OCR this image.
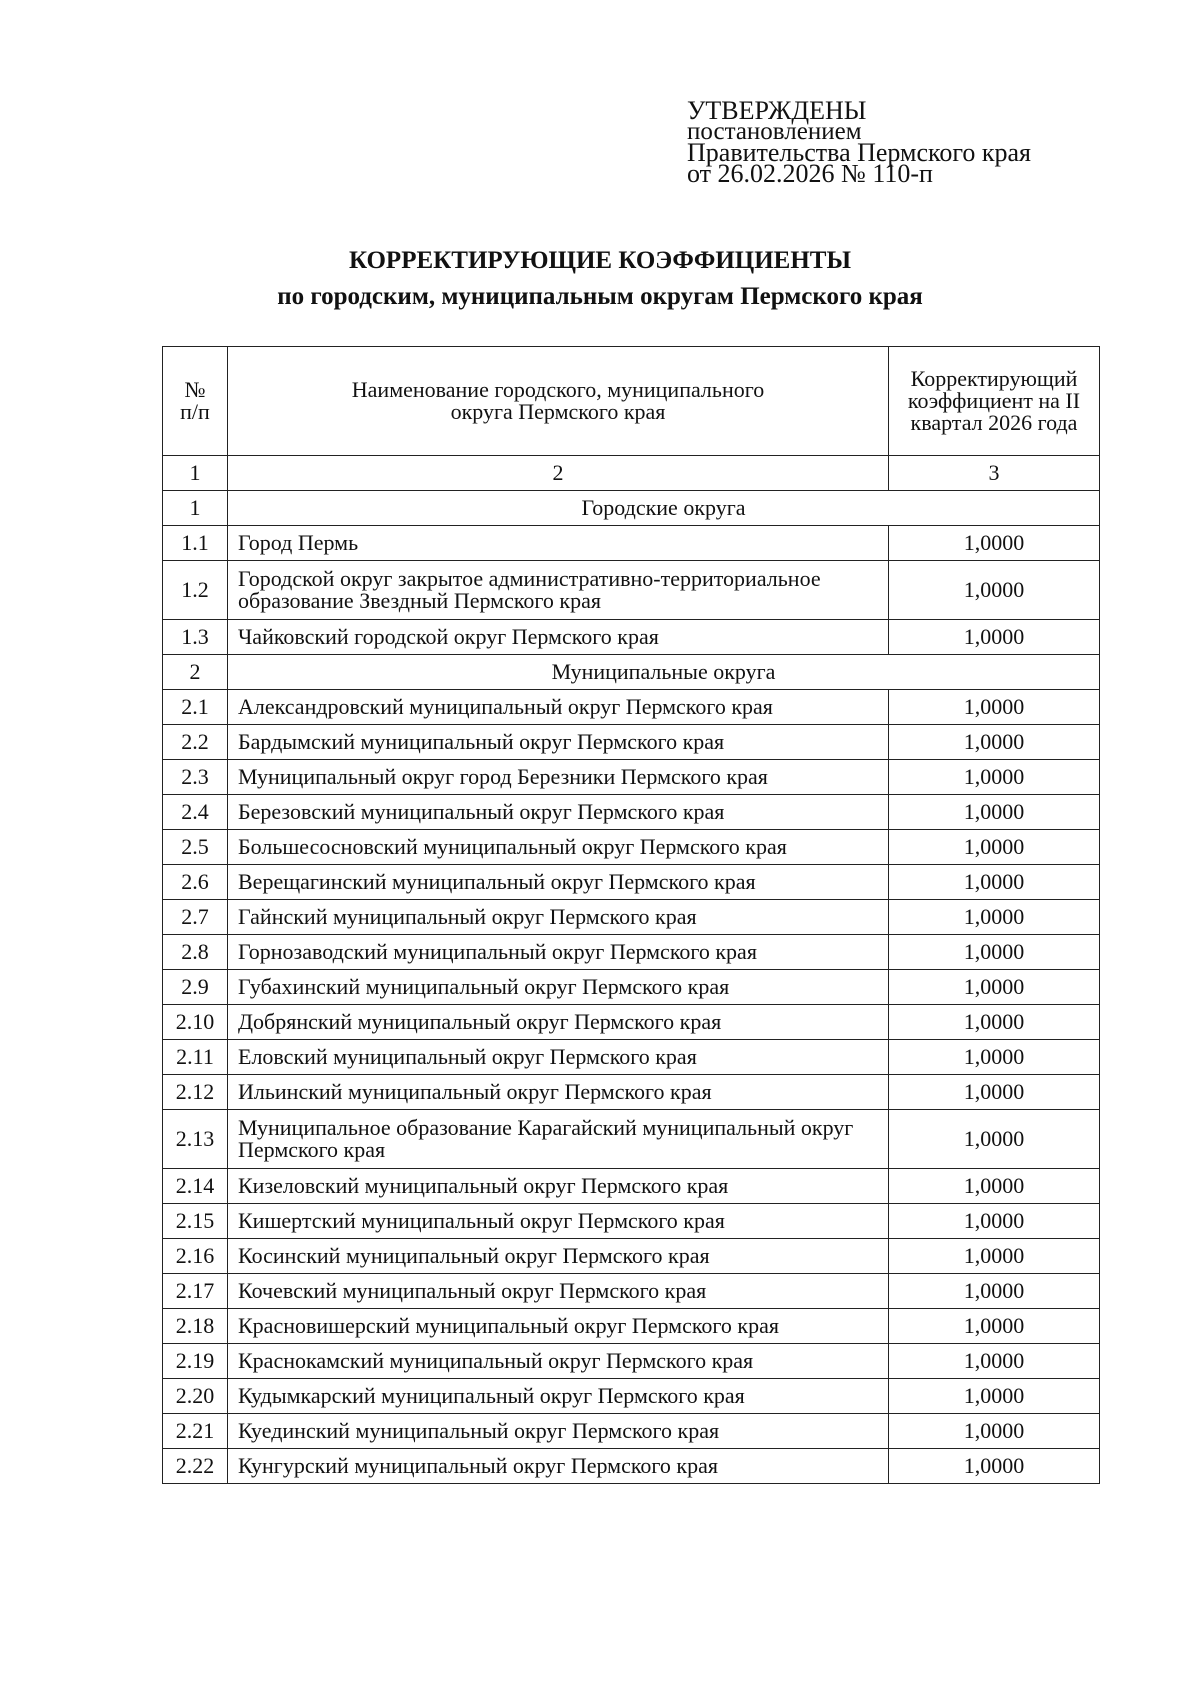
УТВЕРЖДЕНЫ
постановлением
Правительства Пермского края
от 26.02.2026 № 110-п
КОРРЕКТИРУЮЩИЕ КОЭФФИЦИЕНТЫ
по городским, муниципальным округам Пермского края
№ п/п	Наименование городского, муниципального округа Пермского края	Корректирующий коэффициент на II квартал 2026 года
1	2	3
1	Городские округа	
1.1	Город Пермь	1,0000
1.2	Городской округ закрытое административно-территориальное образование Звездный Пермского края	1,0000
1.3	Чайковский городской округ Пермского края	1,0000
2	Муниципальные округа	
2.1	Александровский муниципальный округ Пермского края	1,0000
2.2	Бардымский муниципальный округ Пермского края	1,0000
2.3	Муниципальный округ город Березники Пермского края	1,0000
2.4	Березовский муниципальный округ Пермского края	1,0000
2.5	Большесосновский муниципальный округ Пермского края	1,0000
2.6	Верещагинский муниципальный округ Пермского края	1,0000
2.7	Гайнский муниципальный округ Пермского края	1,0000
2.8	Горнозаводский муниципальный округ Пермского края	1,0000
2.9	Губахинский муниципальный округ Пермского края	1,0000
2.10	Добрянский муниципальный округ Пермского края	1,0000
2.11	Еловский муниципальный округ Пермского края	1,0000
2.12	Ильинский муниципальный округ Пермского края	1,0000
2.13	Муниципальное образование Карагайский муниципальный округ Пермского края	1,0000
2.14	Кизеловский муниципальный округ Пермского края	1,0000
2.15	Кишертский муниципальный округ Пермского края	1,0000
2.16	Косинский муниципальный округ Пермского края	1,0000
2.17	Кочевский муниципальный округ Пермского края	1,0000
2.18	Красновишерский муниципальный округ Пермского края	1,0000
2.19	Краснокамский муниципальный округ Пермского края	1,0000
2.20	Кудымкарский муниципальный округ Пермского края	1,0000
2.21	Куединский муниципальный округ Пермского края	1,0000
2.22	Кунгурский муниципальный округ Пермского края	1,0000
